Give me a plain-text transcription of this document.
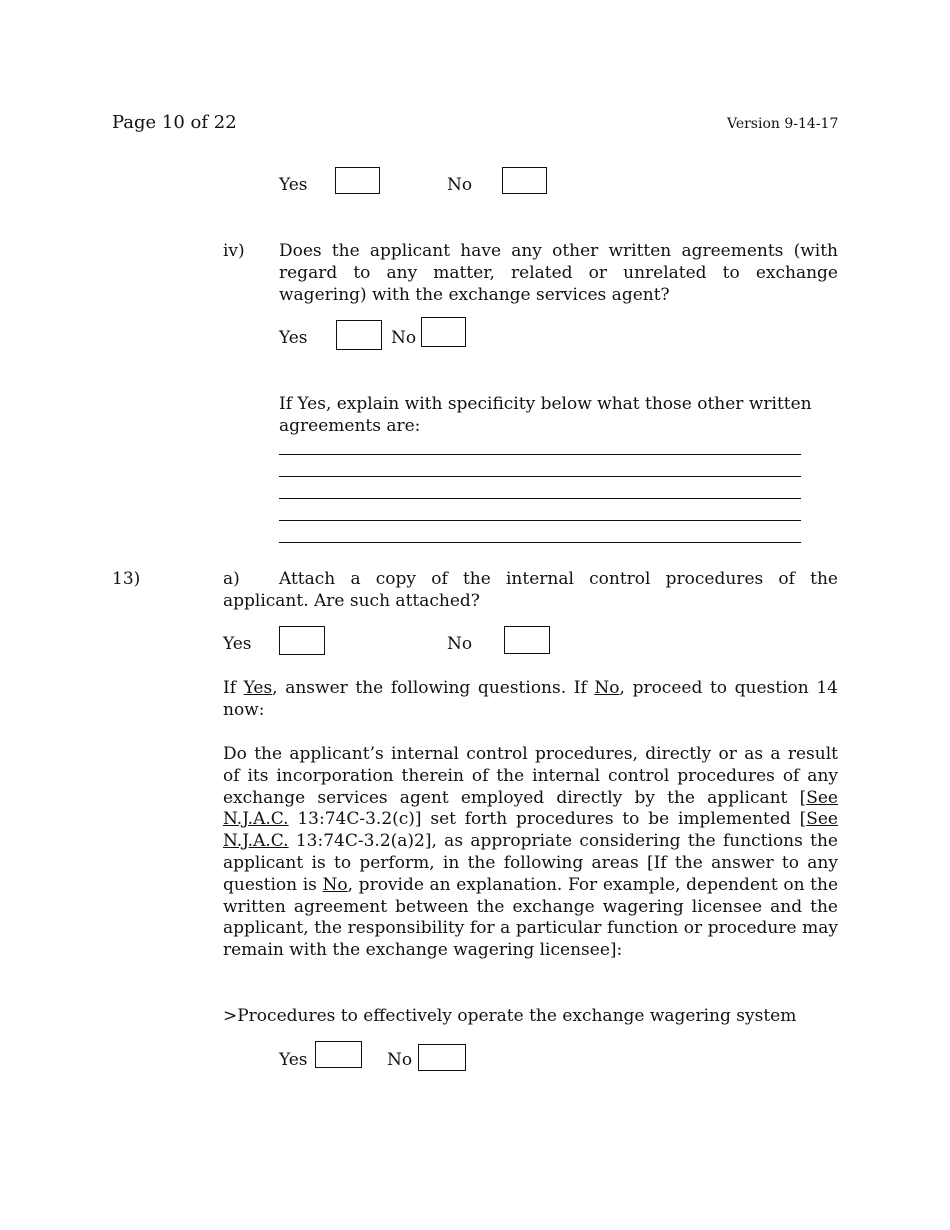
Page 10 of 22	Version 9-14-17
Yes	No
iv) Does the applicant have any other written agreements (with regard to any matter, related or unrelated to exchange wagering) with the exchange services agent?
Yes	No
If Yes, explain with specificity below what those other written agreements are:
13)	a)	Attach a copy of the internal control procedures of the applicant. Are such attached?
Yes	No
If Yes, answer the following questions. If No, proceed to question 14 now:
Do the applicant’s internal control procedures, directly or as a result of its incorporation therein of the internal control procedures of any exchange services agent employed directly by the applicant [See N.J.A.C. 13:74C-3.2(c)] set forth procedures to be implemented [See N.J.A.C. 13:74C-3.2(a)2], as appropriate considering the functions the applicant is to perform, in the following areas [If the answer to any question is No, provide an explanation. For example, dependent on the written agreement between the exchange wagering licensee and the applicant, the responsibility for a particular function or procedure may remain with the exchange wagering licensee]:
>Procedures to effectively operate the exchange wagering system
Yes	No
